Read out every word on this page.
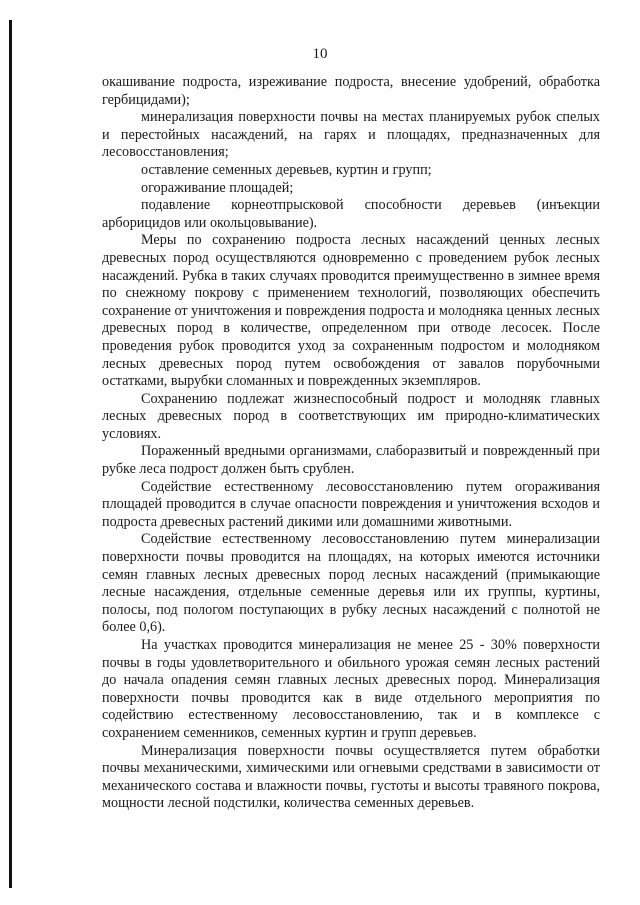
10

окашивание подроста, изреживание подроста, внесение удобрений, обработка гербицидами);

минерализация поверхности почвы на местах планируемых рубок спелых и перестойных насаждений, на гарях и площадях, предназначенных для лесовосстановления;

оставление семенных деревьев, куртин и групп;

огораживание площадей;

подавление корнеотпрысковой способности деревьев (инъекции арборицидов или окольцовывание).

Меры по сохранению подроста лесных насаждений ценных лесных древесных пород осуществляются одновременно с проведением рубок лесных насаждений. Рубка в таких случаях проводится преимущественно в зимнее время по снежному покрову с применением технологий, позволяющих обеспечить сохранение от уничтожения и повреждения подроста и молодняка ценных лесных древесных пород в количестве, определенном при отводе лесосек. После проведения рубок проводится уход за сохраненным подростом и молодняком лесных древесных пород путем освобождения от завалов порубочными остатками, вырубки сломанных и поврежденных экземпляров.

Сохранению подлежат жизнеспособный подрост и молодняк главных лесных древесных пород в соответствующих им природно-климатических условиях.

Пораженный вредными организмами, слаборазвитый и поврежденный при рубке леса подрост должен быть срублен.

Содействие естественному лесовосстановлению путем огораживания площадей проводится в случае опасности повреждения и уничтожения всходов и подроста древесных растений дикими или домашними животными.

Содействие естественному лесовосстановлению путем минерализации поверхности почвы проводится на площадях, на которых имеются источники семян главных лесных древесных пород лесных насаждений (примыкающие лесные насаждения, отдельные семенные деревья или их группы, куртины, полосы, под пологом поступающих в рубку лесных насаждений с полнотой не более 0,6).

На участках проводится минерализация не менее 25 - 30% поверхности почвы в годы удовлетворительного и обильного урожая семян лесных растений до начала опадения семян главных лесных древесных пород. Минерализация поверхности почвы проводится как в виде отдельного мероприятия по содействию естественному лесовосстановлению, так и в комплексе с сохранением семенников, семенных куртин и групп деревьев.

Минерализация поверхности почвы осуществляется путем обработки почвы механическими, химическими или огневыми средствами в зависимости от механического состава и влажности почвы, густоты и высоты травяного покрова, мощности лесной подстилки, количества семенных деревьев.
